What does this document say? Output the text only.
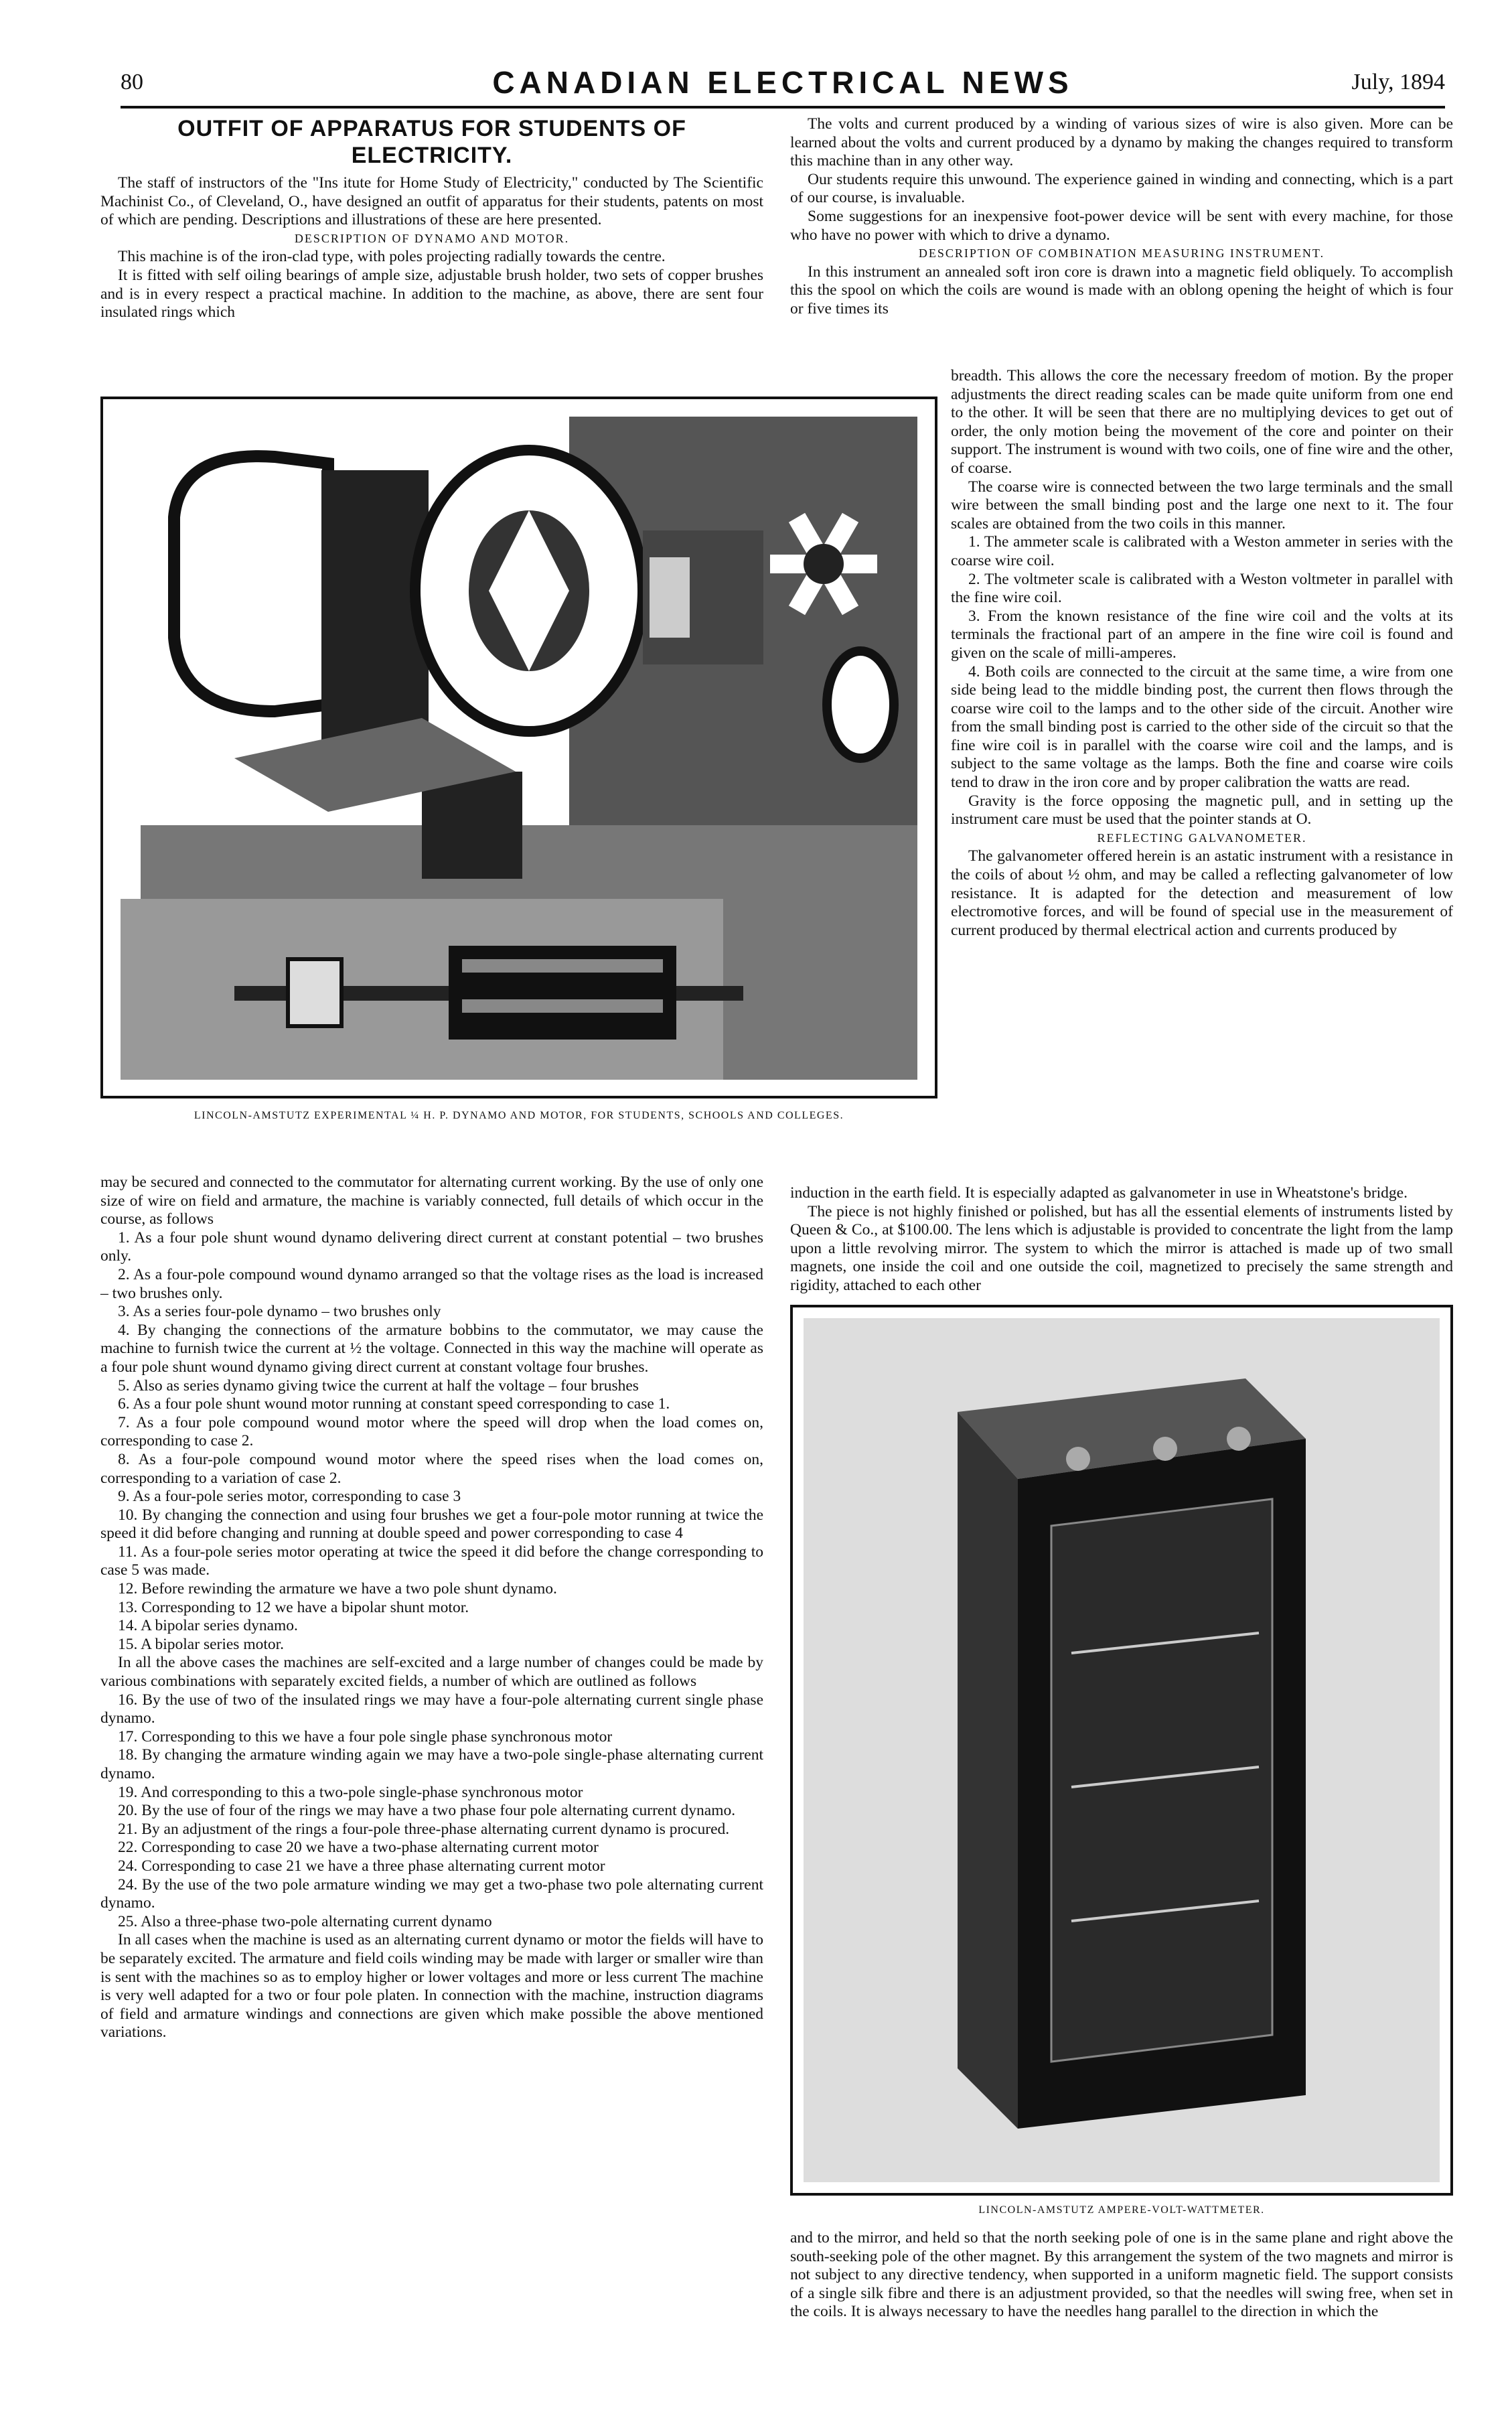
80	CANADIAN ELECTRICAL NEWS	July, 1894
OUTFIT OF APPARATUS FOR STUDENTS OF ELECTRICITY.

The staff of instructors of the "Ins itute for Home Study of Electricity," conducted by The Scientific Machinist Co., of Cleveland, O., have designed an outfit of apparatus for their students, patents on most of which are pending. Descriptions and illustrations of these are here presented.

DESCRIPTION OF DYNAMO AND MOTOR.

This machine is of the iron-clad type, with poles projecting radially towards the centre.

It is fitted with self oiling bearings of ample size, adjustable brush holder, two sets of copper brushes and is in every respect a practical machine. In addition to the machine, as above, there are sent four insulated rings which

LINCOLN-AMSTUTZ EXPERIMENTAL ¼ H. P. DYNAMO AND MOTOR, FOR STUDENTS, SCHOOLS AND COLLEGES.

may be secured and connected to the commutator for alternating current working. By the use of only one size of wire on field and armature, the machine is variably connected, full details of which occur in the course, as follows

1. As a four pole shunt wound dynamo delivering direct current at constant potential – two brushes only.

2. As a four-pole compound wound dynamo arranged so that the voltage rises as the load is increased – two brushes only.

3. As a series four-pole dynamo – two brushes only

4. By changing the connections of the armature bobbins to the commutator, we may cause the machine to furnish twice the current at ½ the voltage. Connected in this way the machine will operate as a four pole shunt wound dynamo giving direct current at constant voltage four brushes.

5. Also as series dynamo giving twice the current at half the voltage – four brushes

6. As a four pole shunt wound motor running at constant speed corresponding to case 1.

7. As a four pole compound wound motor where the speed will drop when the load comes on, corresponding to case 2.

8. As a four-pole compound wound motor where the speed rises when the load comes on, corresponding to a variation of case 2.

9. As a four-pole series motor, corresponding to case 3

10. By changing the connection and using four brushes we get a four-pole motor running at twice the speed it did before changing and running at double speed and power corresponding to case 4

11. As a four-pole series motor operating at twice the speed it did before the change corresponding to case 5 was made.

12. Before rewinding the armature we have a two pole shunt dynamo.

13. Corresponding to 12 we have a bipolar shunt motor.

14. A bipolar series dynamo.

15. A bipolar series motor.

In all the above cases the machines are self-excited and a large number of changes could be made by various combinations with separately excited fields, a number of which are outlined as follows

16. By the use of two of the insulated rings we may have a four-pole alternating current single phase dynamo.

17. Corresponding to this we have a four pole single phase synchronous motor

18. By changing the armature winding again we may have a two-pole single-phase alternating current dynamo.

19. And corresponding to this a two-pole single-phase synchronous motor

20. By the use of four of the rings we may have a two phase four pole alternating current dynamo.

21. By an adjustment of the rings a four-pole three-phase alternating current dynamo is procured.

22. Corresponding to case 20 we have a two-phase alternating current motor

24. Corresponding to case 21 we have a three phase alternating current motor

24. By the use of the two pole armature winding we may get a two-phase two pole alternating current dynamo.

25. Also a three-phase two-pole alternating current dynamo

In all cases when the machine is used as an alternating current dynamo or motor the fields will have to be separately excited. The armature and field coils winding may be made with larger or smaller wire than is sent with the machines so as to employ higher or lower voltages and more or less current The machine is very well adapted for a two or four pole platen. In connection with the machine, instruction diagrams of field and armature windings and connections are given which make possible the above mentioned variations.

The volts and current produced by a winding of various sizes of wire is also given. More can be learned about the volts and current produced by a dynamo by making the changes required to transform this machine than in any other way.

Our students require this unwound. The experience gained in winding and connecting, which is a part of our course, is invaluable.

Some suggestions for an inexpensive foot-power device will be sent with every machine, for those who have no power with which to drive a dynamo.

DESCRIPTION OF COMBINATION MEASURING INSTRUMENT.

In this instrument an annealed soft iron core is drawn into a magnetic field obliquely. To accomplish this the spool on which the coils are wound is made with an oblong opening the height of which is four or five times its

breadth. This allows the core the necessary freedom of motion. By the proper adjustments the direct reading scales can be made quite uniform from one end to the other. It will be seen that there are no multiplying devices to get out of order, the only motion being the movement of the core and pointer on their support. The instrument is wound with two coils, one of fine wire and the other, of coarse.

The coarse wire is connected between the two large terminals and the small wire between the small binding post and the large one next to it. The four scales are obtained from the two coils in this manner.

1. The ammeter scale is calibrated with a Weston ammeter in series with the coarse wire coil.

2. The voltmeter scale is calibrated with a Weston voltmeter in parallel with the fine wire coil.

3. From the known resistance of the fine wire coil and the volts at its terminals the fractional part of an ampere in the fine wire coil is found and given on the scale of milli-amperes.

4. Both coils are connected to the circuit at the same time, a wire from one side being lead to the middle binding post, the current then flows through the coarse wire coil to the lamps and to the other side of the circuit. Another wire from the small binding post is carried to the other side of the circuit so that the fine wire coil is in parallel with the coarse wire coil and the lamps, and is subject to the same voltage as the lamps. Both the fine and coarse wire coils tend to draw in the iron core and by proper calibration the watts are read.

Gravity is the force opposing the magnetic pull, and in setting up the instrument care must be used that the pointer stands at O.

REFLECTING GALVANOMETER.

The galvanometer offered herein is an astatic instrument with a resistance in the coils of about ½ ohm, and may be called a reflecting galvanometer of low resistance. It is adapted for the detection and measurement of low electromotive forces, and will be found of special use in the measurement of current produced by thermal electrical action and currents produced by

induction in the earth field. It is especially adapted as galvanometer in use in Wheatstone's bridge.

The piece is not highly finished or polished, but has all the essential elements of instruments listed by Queen & Co., at $100.00. The lens which is adjustable is provided to concentrate the light from the lamp upon a little revolving mirror. The system to which the mirror is attached is made up of two small magnets, one inside the coil and one outside the coil, magnetized to precisely the same strength and rigidity, attached to each other

LINCOLN-AMSTUTZ AMPERE-VOLT-WATTMETER.

and to the mirror, and held so that the north seeking pole of one is in the same plane and right above the south-seeking pole of the other magnet. By this arrangement the system of the two magnets and mirror is not subject to any directive tendency, when supported in a uniform magnetic field. The support consists of a single silk fibre and there is an adjustment provided, so that the needles will swing free, when set in the coils. It is always necessary to have the needles hang parallel to the direction in which the
